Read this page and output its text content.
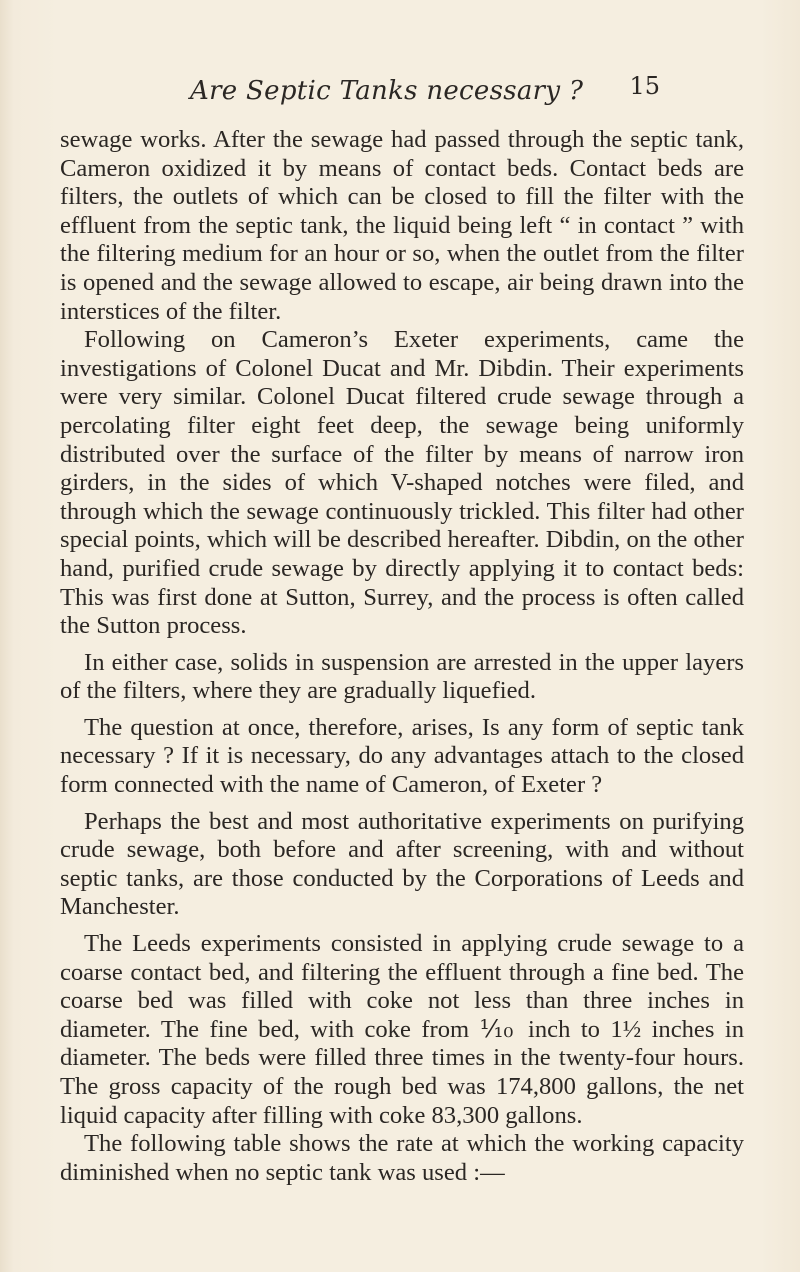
Are Septic Tanks necessary ? 15

sewage works. After the sewage had passed through the septic tank, Cameron oxidized it by means of contact beds. Contact beds are filters, the outlets of which can be closed to fill the filter with the effluent from the septic tank, the liquid being left “ in contact ” with the filtering medium for an hour or so, when the outlet from the filter is opened and the sewage allowed to escape, air being drawn into the interstices of the filter.

Following on Cameron’s Exeter experiments, came the investigations of Colonel Ducat and Mr. Dibdin. Their experiments were very similar. Colonel Ducat filtered crude sewage through a percolating filter eight feet deep, the sewage being uniformly distributed over the surface of the filter by means of narrow iron girders, in the sides of which V-shaped notches were filed, and through which the sewage continuously trickled. This filter had other special points, which will be described hereafter. Dibdin, on the other hand, purified crude sewage by directly applying it to contact beds: This was first done at Sutton, Surrey, and the process is often called the Sutton process.

In either case, solids in suspension are arrested in the upper layers of the filters, where they are gradually liquefied.

The question at once, therefore, arises, Is any form of septic tank necessary ? If it is necessary, do any advantages attach to the closed form connected with the name of Cameron, of Exeter ?

Perhaps the best and most authoritative experiments on purifying crude sewage, both before and after screening, with and without septic tanks, are those conducted by the Corporations of Leeds and Manchester.

The Leeds experiments consisted in applying crude sewage to a coarse contact bed, and filtering the effluent through a fine bed. The coarse bed was filled with coke not less than three inches in diameter. The fine bed, with coke from ⅒ inch to 1½ inches in diameter. The beds were filled three times in the twenty-four hours. The gross capacity of the rough bed was 174,800 gallons, the net liquid capacity after filling with coke 83,300 gallons.

The following table shows the rate at which the working capacity diminished when no septic tank was used :—
